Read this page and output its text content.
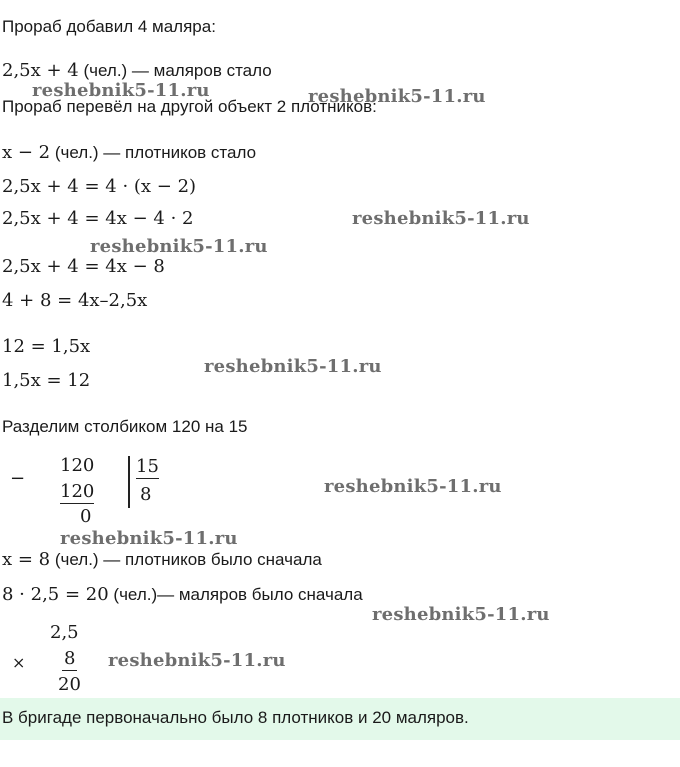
Прораб добавил 4 маляра:
2,5x + 4 (чел.) — маляров стало
Прораб перевёл на другой объект 2 плотников:
x − 2 (чел.) — плотников стало
2,5x + 4 = 4 · (x − 2)
2,5x + 4 = 4x − 4 · 2
2,5x + 4 = 4x − 8
4 + 8 = 4x–2,5x
12 = 1,5x
1,5x = 12
Разделим столбиком 120 на 15
−
120
120
0
15
8
x = 8 (чел.) — плотников было сначала
8 · 2,5 = 20 (чел.)— маляров было сначала
×
2,5
8
20
В бригаде первоначально было 8 плотников и 20 маляров.
reshebnik5-11.ru	reshebnik5-11.ru
reshebnik5-11.ru
reshebnik5-11.ru
reshebnik5-11.ru
reshebnik5-11.ru
reshebnik5-11.ru
reshebnik5-11.ru
reshebnik5-11.ru
